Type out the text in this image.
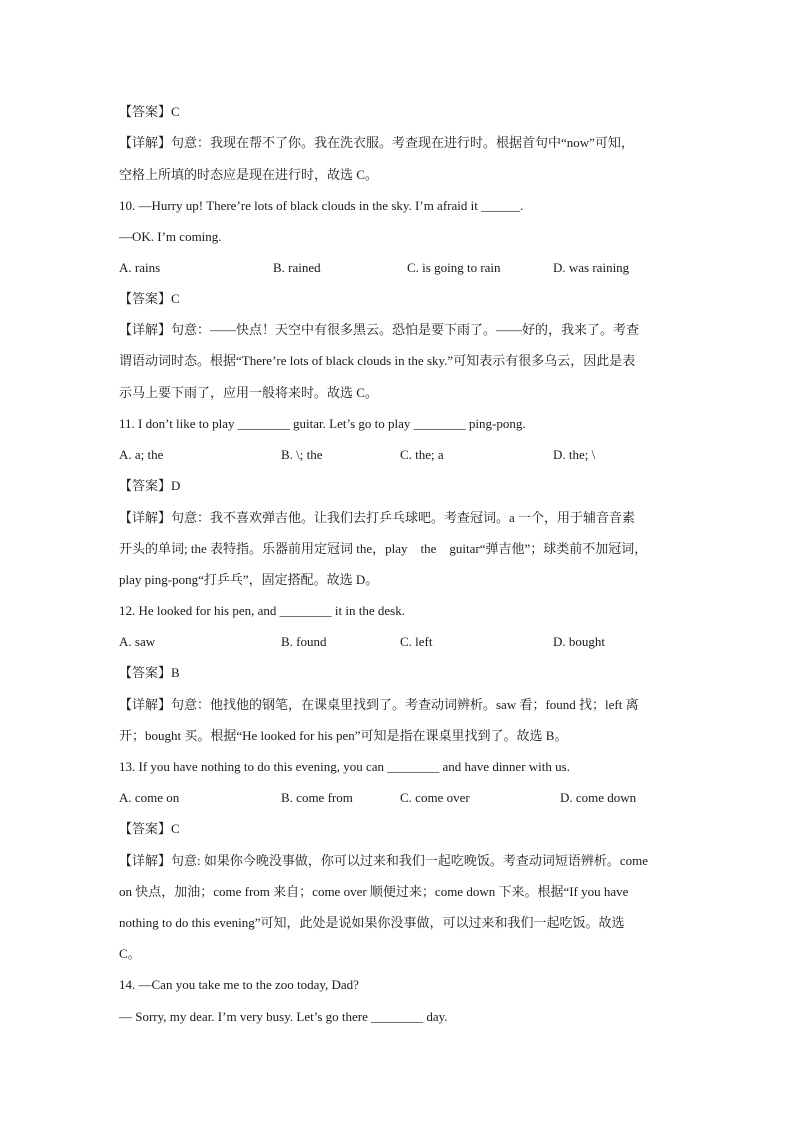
【答案】C
【详解】句意：我现在帮不了你。我在洗衣服。考查现在进行时。根据首句中“now”可知，
空格上所填的时态应是现在进行时，故选 C。
10. —Hurry up! There’re lots of black clouds in the sky. I’m afraid it ______.
—OK. I’m coming.
A. rains	B. rained	C. is going to rain	D. was raining
【答案】C
【详解】句意：——快点！天空中有很多黑云。恐怕是要下雨了。——好的，我来了。考查
谓语动词时态。根据“There’re lots of black clouds in the sky.”可知表示有很多乌云，因此是表
示马上要下雨了，应用一般将来时。故选 C。
11. I don’t like to play ________ guitar. Let’s go to play ________ ping-pong.
A. a; the	B. \; the	C. the; a	D. the; \
【答案】D
【详解】句意：我不喜欢弹吉他。让我们去打乒乓球吧。考查冠词。a 一个，用于辅音音素
开头的单词; the 表特指。乐器前用定冠词 the，play　the　guitar“弹吉他”；球类前不加冠词，
play ping-pong“打乒乓”，固定搭配。故选 D。
12. He looked for his pen, and ________ it in the desk.
A. saw	B. found	C. left	D. bought
【答案】B
【详解】句意：他找他的钢笔，在课桌里找到了。考查动词辨析。saw 看；found 找；left 离
开；bought 买。根据“He looked for his pen”可知是指在课桌里找到了。故选 B。
13. If you have nothing to do this evening, you can ________ and have dinner with us.
A. come on	B. come from	C. come over	D. come down
【答案】C
【详解】句意: 如果你今晚没事做，你可以过来和我们一起吃晚饭。考查动词短语辨析。come
on 快点，加油；come from 来自；come over 顺便过来；come down 下来。根据“If you have
nothing to do this evening”可知，此处是说如果你没事做，可以过来和我们一起吃饭。故选
C。
14. —Can you take me to the zoo today, Dad?
— Sorry, my dear. I’m very busy. Let’s go there ________ day.
